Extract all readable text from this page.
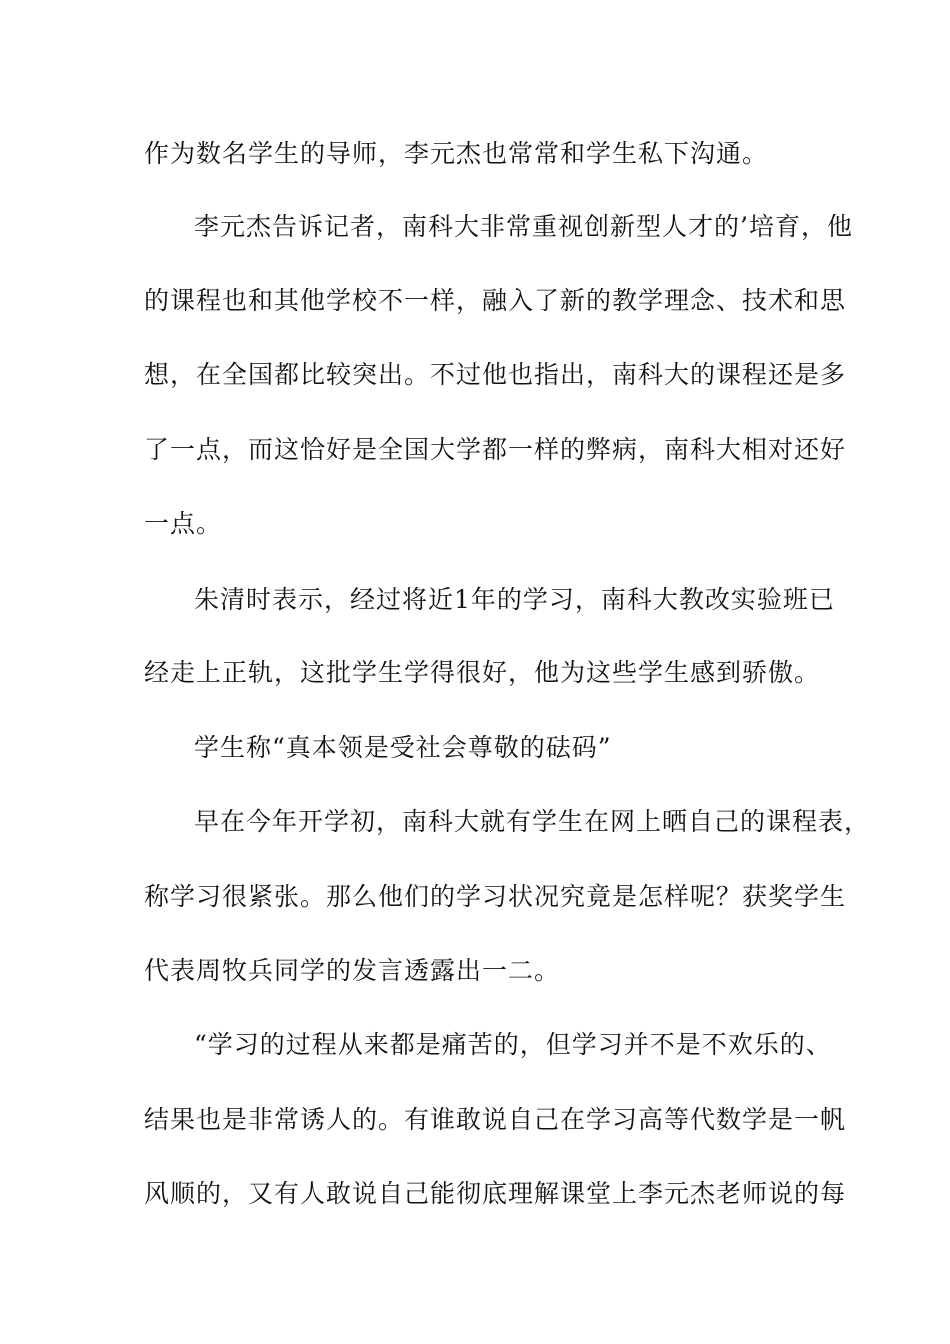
作为数名学生的导师，李元杰也常常和学生私下沟通。
李元杰告诉记者，南科大非常重视创新型人才的’培育，他
的课程也和其他学校不一样，融入了新的教学理念、技术和思
想，在全国都比较突出。不过他也指出，南科大的课程还是多
了一点，而这恰好是全国大学都一样的弊病，南科大相对还好
一点。
朱清时表示，经过将近1年的学习，南科大教改实验班已
经走上正轨，这批学生学得很好，他为这些学生感到骄傲。
学生称“真本领是受社会尊敬的砝码”
早在今年开学初，南科大就有学生在网上晒自己的课程表，
称学习很紧张。那么他们的学习状况究竟是怎样呢？获奖学生
代表周牧兵同学的发言透露出一二。
“学习的过程从来都是痛苦的，但学习并不是不欢乐的、
结果也是非常诱人的。有谁敢说自己在学习高等代数学是一帆
风顺的，又有人敢说自己能彻底理解课堂上李元杰老师说的每
